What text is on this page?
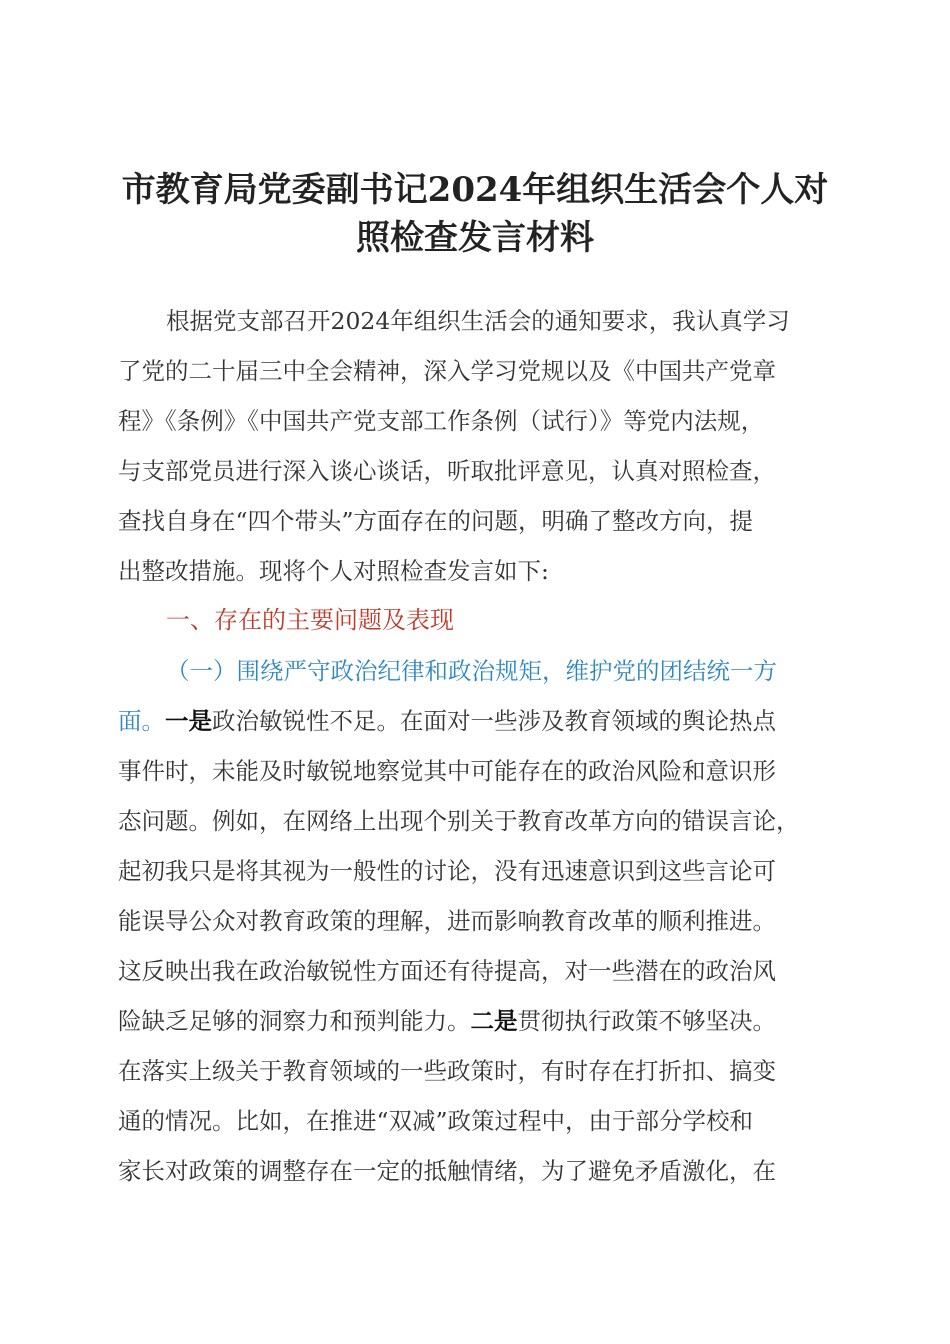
市教育局党委副书记2024年组织生活会个人对
照检查发言材料
根据党支部召开2024年组织生活会的通知要求，我认真学习
了党的二十届三中全会精神，深入学习党规以及《中国共产党章
程》《条例》《中国共产党支部工作条例（试行）》等党内法规，
与支部党员进行深入谈心谈话，听取批评意见，认真对照检查，
查找自身在“四个带头”方面存在的问题，明确了整改方向，提
出整改措施。现将个人对照检查发言如下:
一、存在的主要问题及表现
（一）围绕严守政治纪律和政治规矩，维护党的团结统一方
面。一是政治敏锐性不足。在面对一些涉及教育领域的舆论热点
事件时，未能及时敏锐地察觉其中可能存在的政治风险和意识形
态问题。例如，在网络上出现个别关于教育改革方向的错误言论，
起初我只是将其视为一般性的讨论，没有迅速意识到这些言论可
能误导公众对教育政策的理解，进而影响教育改革的顺利推进。
这反映出我在政治敏锐性方面还有待提高，对一些潜在的政治风
险缺乏足够的洞察力和预判能力。二是贯彻执行政策不够坚决。
在落实上级关于教育领域的一些政策时，有时存在打折扣、搞变
通的情况。比如，在推进“双减”政策过程中，由于部分学校和
家长对政策的调整存在一定的抵触情绪，为了避免矛盾激化，在
